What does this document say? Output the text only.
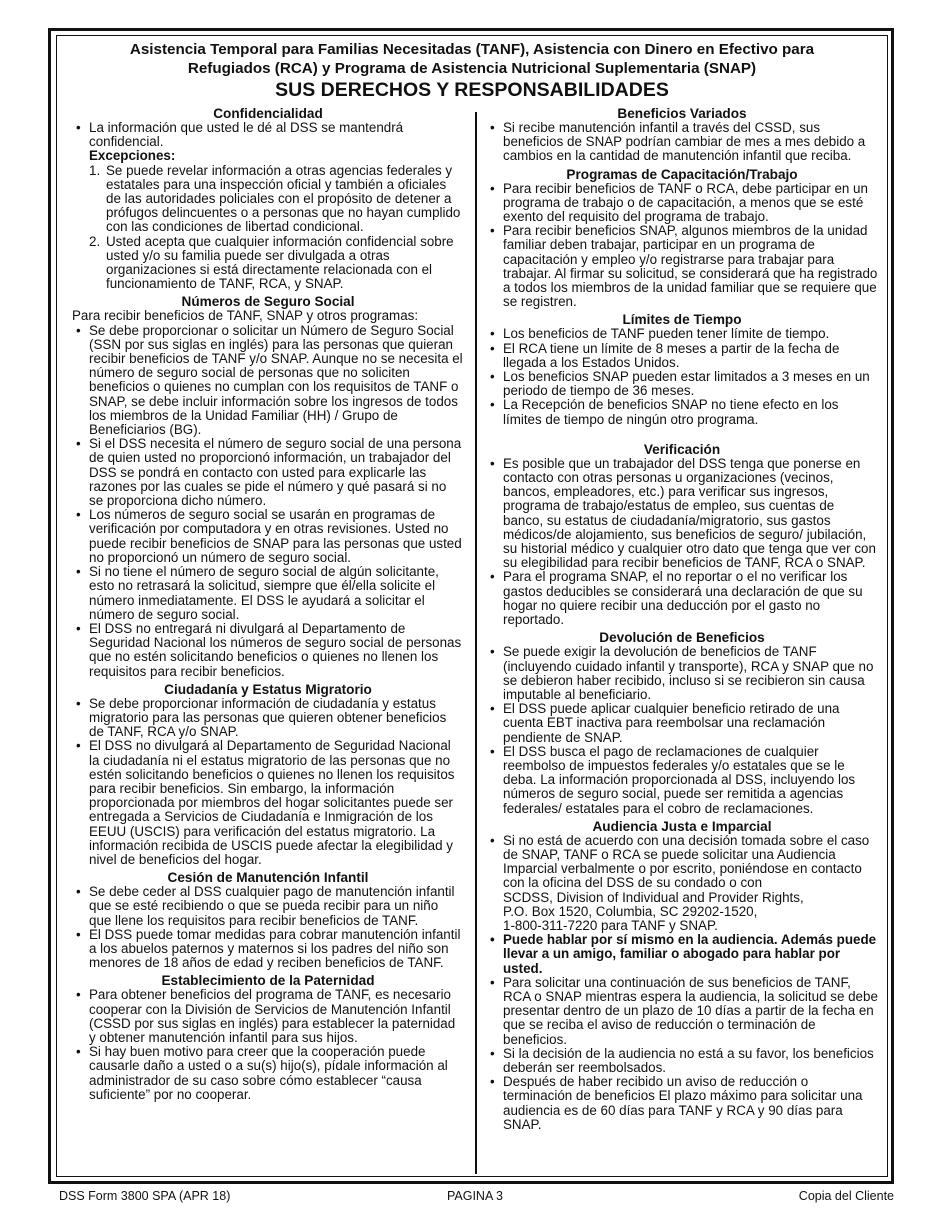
Asistencia Temporal para Familias Necesitadas (TANF), Asistencia con Dinero en Efectivo para
Refugiados (RCA) y Programa de Asistencia Nutricional Suplementaria (SNAP)
SUS DERECHOS Y RESPONSABILIDADES
Confidencialidad
• La información que usted le dé al DSS se mantendrá confidencial.
Excepciones:
1. Se puede revelar información a otras agencias federales y estatales para una inspección oficial y también a oficiales de las autoridades policiales con el propósito de detener a prófugos delincuentes o a personas que no hayan cumplido con las condiciones de libertad condicional.
2. Usted acepta que cualquier información confidencial sobre usted y/o su familia puede ser divulgada a otras organizaciones si está directamente relacionada con el funcionamiento de TANF, RCA, y SNAP.
Números de Seguro Social

Para recibir beneficios de TANF, SNAP y otros programas:

• Se debe proporcionar o solicitar un Número de Seguro Social (SSN por sus siglas en inglés) para las personas que quieran recibir beneficios de TANF y/o SNAP. Aunque no se necesita el número de seguro social de personas que no soliciten beneficios o quienes no cumplan con los requisitos de TANF o SNAP, se debe incluir información sobre los ingresos de todos los miembros de la Unidad Familiar (HH) / Grupo de Beneficiarios (BG).
• Si el DSS necesita el número de seguro social de una persona de quien usted no proporcionó información, un trabajador del DSS se pondrá en contacto con usted para explicarle las razones por las cuales se pide el número y qué pasará si no se proporciona dicho número.
• Los números de seguro social se usarán en programas de verificación por computadora y en otras revisiones. Usted no puede recibir beneficios de SNAP para las personas que usted no proporcionó un número de seguro social.
• Si no tiene el número de seguro social de algún solicitante, esto no retrasará la solicitud, siempre que él/ella solicite el número inmediatamente. El DSS le ayudará a solicitar el número de seguro social.
• El DSS no entregará ni divulgará al Departamento de Seguridad Nacional los números de seguro social de personas que no estén solicitando beneficios o quienes no llenen los requisitos para recibir beneficios.
Ciudadanía y Estatus Migratorio
• Se debe proporcionar información de ciudadanía y estatus migratorio para las personas que quieren obtener beneficios de TANF, RCA y/o SNAP.
• El DSS no divulgará al Departamento de Seguridad Nacional la ciudadanía ni el estatus migratorio de las personas que no estén solicitando beneficios o quienes no llenen los requisitos para recibir beneficios. Sin embargo, la información proporcionada por miembros del hogar solicitantes puede ser entregada a Servicios de Ciudadanía e Inmigración de los EEUU (USCIS) para verificación del estatus migratorio. La información recibida de USCIS puede afectar la elegibilidad y nivel de beneficios del hogar.
Cesión de Manutención Infantil
• Se debe ceder al DSS cualquier pago de manutención infantil que se esté recibiendo o que se pueda recibir para un niño que llene los requisitos para recibir beneficios de TANF.
• El DSS puede tomar medidas para cobrar manutención infantil a los abuelos paternos y maternos si los padres del niño son menores de 18 años de edad y reciben beneficios de TANF.
Establecimiento de la Paternidad
• Para obtener beneficios del programa de TANF, es necesario cooperar con la División de Servicios de Manutención Infantil (CSSD por sus siglas en inglés) para establecer la paternidad y obtener manutención infantil para sus hijos.
• Si hay buen motivo para creer que la cooperación puede causarle daño a usted o a su(s) hijo(s), pídale información al administrador de su caso sobre cómo establecer “causa suficiente” por no cooperar.
Beneficios Variados
• Si recibe manutención infantil a través del CSSD, sus beneficios de SNAP podrían cambiar de mes a mes debido a cambios en la cantidad de manutención infantil que reciba.
Programas de Capacitación/Trabajo
• Para recibir beneficios de TANF o RCA, debe participar en un programa de trabajo o de capacitación, a menos que se esté exento del requisito del programa de trabajo.
• Para recibir beneficios SNAP, algunos miembros de la unidad familiar deben trabajar, participar en un programa de capacitación y empleo y/o registrarse para trabajar para trabajar. Al firmar su solicitud, se considerará que ha registrado a todos los miembros de la unidad familiar que se requiere que se registren.
Límites de Tiempo
• Los beneficios de TANF pueden tener límite de tiempo.
• El RCA tiene un límite de 8 meses a partir de la fecha de llegada a los Estados Unidos.
• Los beneficios SNAP pueden estar limitados a 3 meses en un periodo de tiempo de 36 meses.
• La Recepción de beneficios SNAP no tiene efecto en los límites de tiempo de ningún otro programa.
Verificación
• Es posible que un trabajador del DSS tenga que ponerse en contacto con otras personas u organizaciones (vecinos, bancos, empleadores, etc.) para verificar sus ingresos, programa de trabajo/estatus de empleo, sus cuentas de banco, su estatus de ciudadanía/migratorio, sus gastos médicos/de alojamiento, sus beneficios de seguro/ jubilación, su historial médico y cualquier otro dato que tenga que ver con su elegibilidad para recibir beneficios de TANF, RCA o SNAP.
• Para el programa SNAP, el no reportar o el no verificar los gastos deducibles se considerará una declaración de que su hogar no quiere recibir una deducción por el gasto no reportado.
Devolución de Beneficios
• Se puede exigir la devolución de beneficios de TANF (incluyendo cuidado infantil y transporte), RCA y SNAP que no se debieron haber recibido, incluso si se recibieron sin causa imputable al beneficiario.
• El DSS puede aplicar cualquier beneficio retirado de una cuenta EBT inactiva para reembolsar una reclamación pendiente de SNAP.
• El DSS busca el pago de reclamaciones de cualquier reembolso de impuestos federales y/o estatales que se le deba. La información proporcionada al DSS, incluyendo los números de seguro social, puede ser remitida a agencias federales/ estatales para el cobro de reclamaciones.
Audiencia Justa e Imparcial
• Si no está de acuerdo con una decisión tomada sobre el caso de SNAP, TANF o RCA se puede solicitar una Audiencia Imparcial verbalmente o por escrito, poniéndose en contacto con la oficina del DSS de su condado o con
SCDSS, Division of Individual and Provider Rights,
P.O. Box 1520, Columbia, SC 29202-1520,
1-800-311-7220 para TANF y SNAP.
• Puede hablar por sí mismo en la audiencia. Además puede llevar a un amigo, familiar o abogado para hablar por usted.
• Para solicitar una continuación de sus beneficios de TANF, RCA o SNAP mientras espera la audiencia, la solicitud se debe presentar dentro de un plazo de 10 días a partir de la fecha en que se reciba el aviso de reducción o terminación de beneficios.
• Si la decisión de la audiencia no está a su favor, los beneficios deberán ser reembolsados.
• Después de haber recibido un aviso de reducción o terminación de beneficios El plazo máximo para solicitar una audiencia es de 60 días para TANF y RCA y 90 días para SNAP.
DSS Form 3800 SPA (APR 18)	PAGINA 3	Copia del Cliente
